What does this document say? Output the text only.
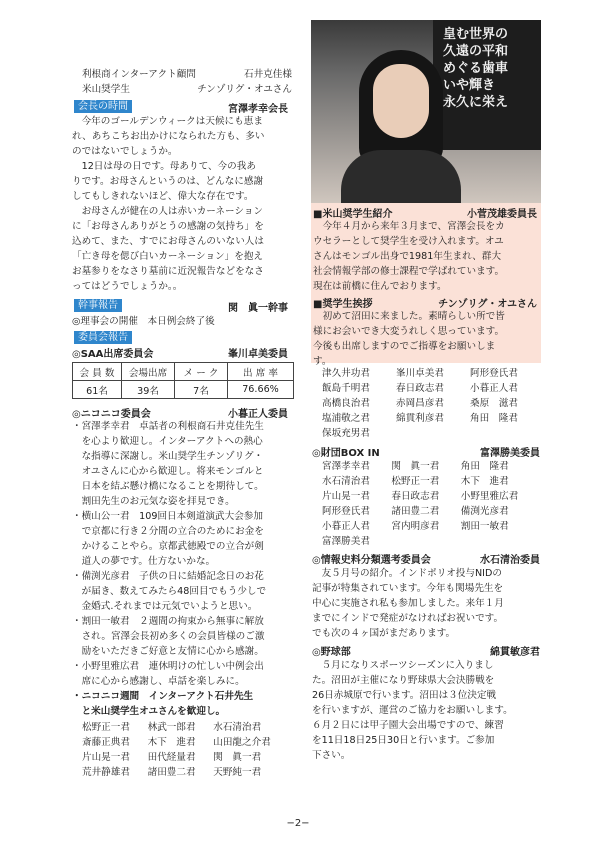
利根商インターアクト顧問	石井克佳様
米山奨学生	チンゾリグ・オユさん
会長の時間	宮澤孝幸会長
　今年のゴールデンウィークは天候にも恵ま
れ、あちこちお出かけになられた方も、多い
のではないでしょうか。
　12日は母の日です。母ありて、今の我あ
りです。お母さんというのは、どんなに感謝
してもしきれないほど、偉大な存在です。
　お母さんが健在の人は赤いカーネーション
に「お母さんありがとうの感謝の気持ち」を
込めて、また、すでにお母さんのいない人は
「亡き母を偲び白いカーネーション」を抱え
お墓参りをなさり墓前に近況報告などをなさ
ってはどうでしょうか。。
幹事報告	関　眞一幹事
◎理事会の開催　本日例会終了後
委員会報告
◎SAA出席委員会	峯川卓美委員
会 員 数	会場出席	メ ー ク	出 席 率
61名	39名	7名	76.66%
◎ニコニコ委員会	小暮正人委員
・宮澤孝幸君　卓話者の利根商石井克佳先生
　を心より歓迎し。インターアクトへの熱心
　な指導に深謝し。米山奨学生チンゾリグ・
　オユさんに心から歓迎し。将来モンゴルと
　日本を結ぶ懸け橋になることを期待して。
　割田先生のお元気な姿を拝見でき。
・横山公一君　109回日本剣道演武大会参加
　で京都に行き２分間の立合のためにお金を
　かけることやら。京都武徳殿での立合が剣
　道人の夢です。仕方ないかな。
・備渕光彦君　子供の日に結婚記念日のお花
　が届き、数えてみたら48回目でもう少しで
　金婚式.それまでは元気でいようと思い。
・割田一敏君　２週間の拘束から無事に解放
　され。宮澤会長初め多くの会員皆様のご激
　励をいただきご好意と友情に心から感謝。
・小野里雅広君　連休明けの忙しい中例会出
　席に心から感謝し、卓話を楽しみに。
・ニコニコ週間　インターアクト石井先生
　と米山奨学生オユさんを歓迎し。
松野正一君	林武一郎君	水石清治君
斎藤正典君	木下　進君	山田龍之介君
片山晃一君	田代経量君	関　眞一君
荒井静雄君	諸田豊二君	天野純一君
皇む世界の
久遠の平和
めぐる歯車
いや輝き
永久に栄え
■米山奨学生紹介	小菅茂雄委員長
　今年４月から来年３月まで、宮澤会長をカ
ウセラーとして奨学生を受け入れます。オユ
さんはモンゴル出身で1981年生まれ、群大
社会情報学部の修士課程で学ばれています。
現在は前橋に住んでおります。
■奨学生挨拶	チンゾリグ・オユさん
　初めて沼田に来ました。素晴らしい所で皆
様にお会いでき大変うれしく思っています。
今後も出席しますのでご指導をお願いしま
す。
津久井功君	峯川卓美君	阿形登氏君
飯島千明君	春日政志君	小暮正人君
高橋良治君	赤岡昌彦君	桑原　滋君
塩浦敬之君	綿貫利彦君	角田　隆君
保坂充男君		
◎財団BOX IN	富澤勝美委員
宮澤孝幸君	関　眞一君	角田　隆君
水石清治君	松野正一君	木下　進君
片山晃一君	春日政志君	小野里雅広君
阿形登氏君	諸田豊二君	備渕光彦君
小暮正人君	宮内明彦君	割田一敏君
富澤勝美君		
◎情報史料分類選考委員会	水石清治委員
　友５月号の紹介。インドポリオ投与NIDの
記事が特集されています。今年も関場先生を
中心に実施され私も参加しました。来年１月
までにインドで発症がなければお祝いです。
でも次の４ヶ国がまだあります。
◎野球部	綿貫敏彦君
　５月になりスポーツシーズンに入りまし
た。沼田が主催になり野球県大会決勝戦を
26日赤城原で行います。沼田は３位決定戦
を行いますが、運営のご協力をお願いします。
６月２日には甲子園大会出場ですので、練習
を11日18日25日30日と行います。ご参加
下さい。
−2−
